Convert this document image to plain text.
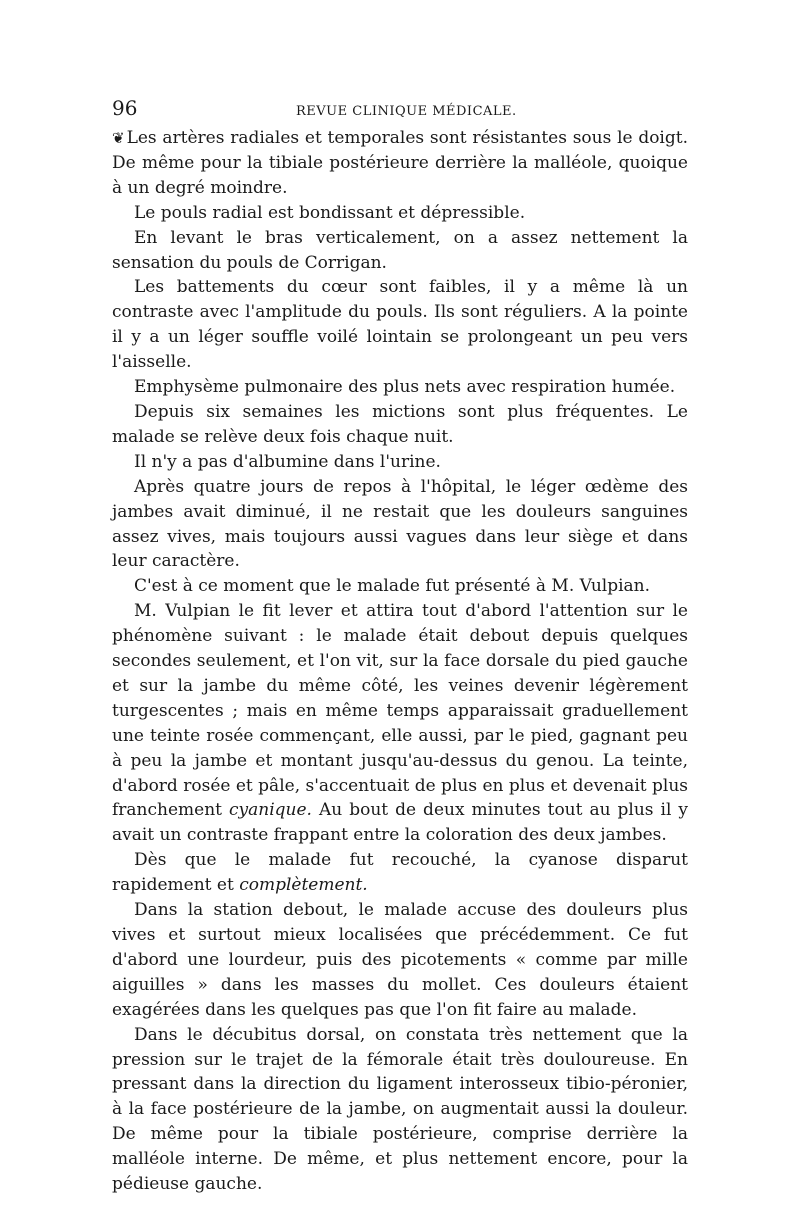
96	REVUE CLINIQUE MÉDICALE.

❦ Les artères radiales et temporales sont résistantes sous le doigt. De même pour la tibiale postérieure derrière la malléole, quoique à un degré moindre.

Le pouls radial est bondissant et dépressible.

En levant le bras verticalement, on a assez nettement la sensation du pouls de Corrigan.

Les battements du cœur sont faibles, il y a même là un contraste avec l'amplitude du pouls. Ils sont réguliers. A la pointe il y a un léger souffle voilé lointain se prolongeant un peu vers l'aisselle.

Emphysème pulmonaire des plus nets avec respiration humée.

Depuis six semaines les mictions sont plus fréquentes. Le malade se relève deux fois chaque nuit.

Il n'y a pas d'albumine dans l'urine.

Après quatre jours de repos à l'hôpital, le léger œdème des jambes avait diminué, il ne restait que les douleurs sanguines assez vives, mais toujours aussi vagues dans leur siège et dans leur caractère.

C'est à ce moment que le malade fut présenté à M. Vulpian.

M. Vulpian le fit lever et attira tout d'abord l'attention sur le phénomène suivant : le malade était debout depuis quelques secondes seulement, et l'on vit, sur la face dorsale du pied gauche et sur la jambe du même côté, les veines devenir légèrement turgescentes ; mais en même temps apparaissait graduellement une teinte rosée commençant, elle aussi, par le pied, gagnant peu à peu la jambe et montant jusqu'au-dessus du genou. La teinte, d'abord rosée et pâle, s'accentuait de plus en plus et devenait plus franchement cyanique. Au bout de deux minutes tout au plus il y avait un contraste frappant entre la coloration des deux jambes.

Dès que le malade fut recouché, la cyanose disparut rapidement et complètement.

Dans la station debout, le malade accuse des douleurs plus vives et surtout mieux localisées que précédemment. Ce fut d'abord une lourdeur, puis des picotements « comme par mille aiguilles » dans les masses du mollet. Ces douleurs étaient exagérées dans les quelques pas que l'on fit faire au malade.

Dans le décubitus dorsal, on constata très nettement que la pression sur le trajet de la fémorale était très douloureuse. En pressant dans la direction du ligament interosseux tibio-péronier, à la face postérieure de la jambe, on augmentait aussi la douleur. De même pour la tibiale postérieure, comprise derrière la malléole interne. De même, et plus nettement encore, pour la pédieuse gauche.
